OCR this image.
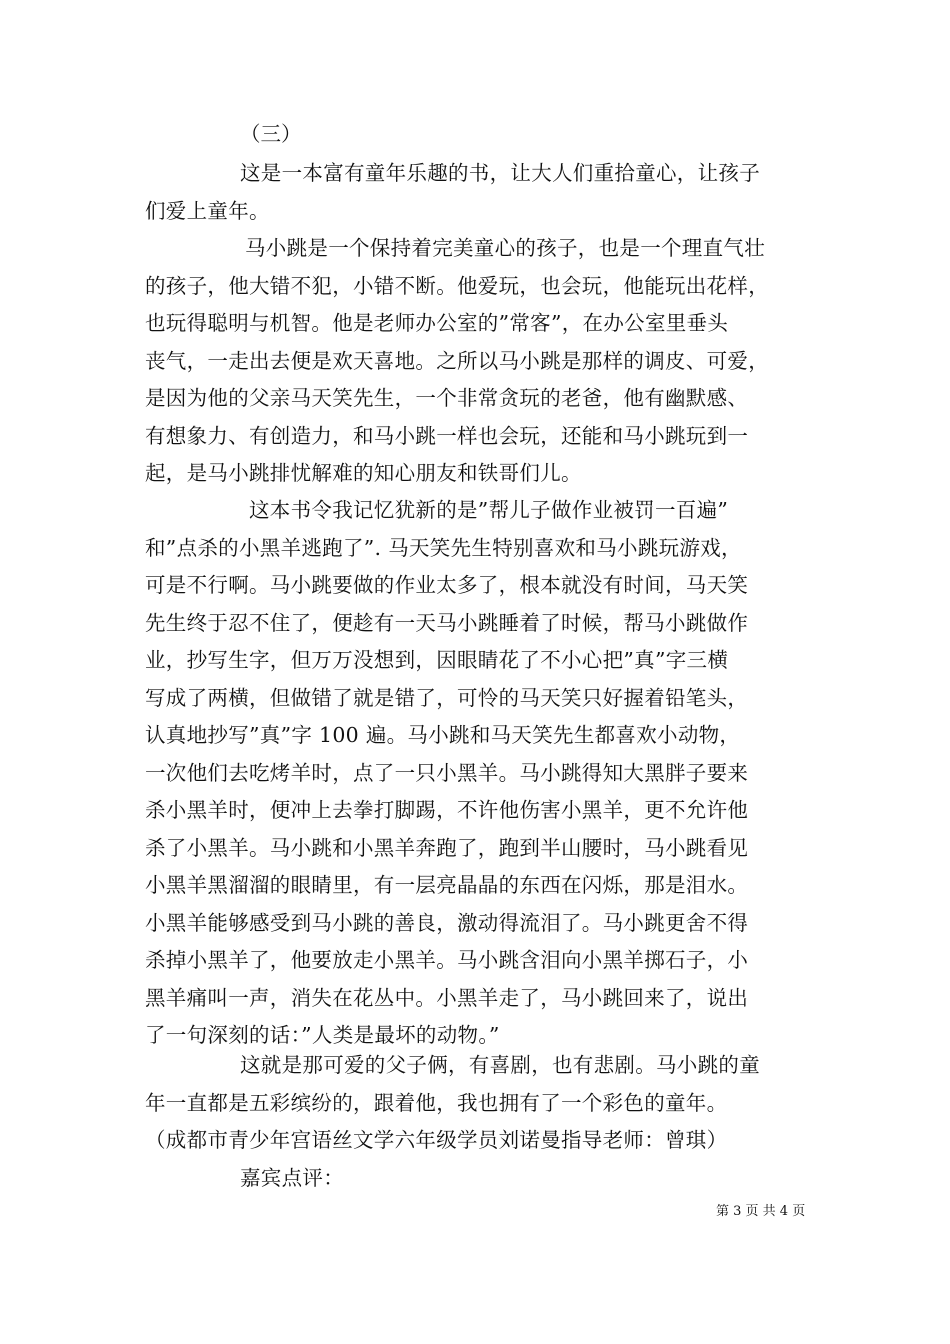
（三）
这是一本富有童年乐趣的书，让大人们重拾童心，让孩子
们爱上童年。
马小跳是一个保持着完美童心的孩子，也是一个理直气壮
的孩子，他大错不犯，小错不断。他爱玩，也会玩，他能玩出花样，
也玩得聪明与机智。他是老师办公室的”常客”，在办公室里垂头
丧气，一走出去便是欢天喜地。之所以马小跳是那样的调皮、可爱，
是因为他的父亲马天笑先生，一个非常贪玩的老爸，他有幽默感、
有想象力、有创造力，和马小跳一样也会玩，还能和马小跳玩到一
起，是马小跳排忧解难的知心朋友和铁哥们儿。
这本书令我记忆犹新的是”帮儿子做作业被罚一百遍”
和”点杀的小黑羊逃跑了”. 马天笑先生特别喜欢和马小跳玩游戏，
可是不行啊。马小跳要做的作业太多了，根本就没有时间，马天笑
先生终于忍不住了，便趁有一天马小跳睡着了时候，帮马小跳做作
业，抄写生字，但万万没想到，因眼睛花了不小心把”真”字三横
写成了两横，但做错了就是错了，可怜的马天笑只好握着铅笔头，
认真地抄写”真”字 100 遍。马小跳和马天笑先生都喜欢小动物，
一次他们去吃烤羊时，点了一只小黑羊。马小跳得知大黑胖子要来
杀小黑羊时，便冲上去拳打脚踢，不许他伤害小黑羊，更不允许他
杀了小黑羊。马小跳和小黑羊奔跑了，跑到半山腰时，马小跳看见
小黑羊黑溜溜的眼睛里，有一层亮晶晶的东西在闪烁，那是泪水。
小黑羊能够感受到马小跳的善良，激动得流泪了。马小跳更舍不得
杀掉小黑羊了，他要放走小黑羊。马小跳含泪向小黑羊掷石子，小
黑羊痛叫一声，消失在花丛中。小黑羊走了，马小跳回来了，说出
了一句深刻的话：”人类是最坏的动物。”
这就是那可爱的父子俩，有喜剧，也有悲剧。马小跳的童
年一直都是五彩缤纷的，跟着他，我也拥有了一个彩色的童年。
（成都市青少年宫语丝文学六年级学员刘诺曼指导老师：曾琪）
嘉宾点评：
第 3 页 共 4 页
